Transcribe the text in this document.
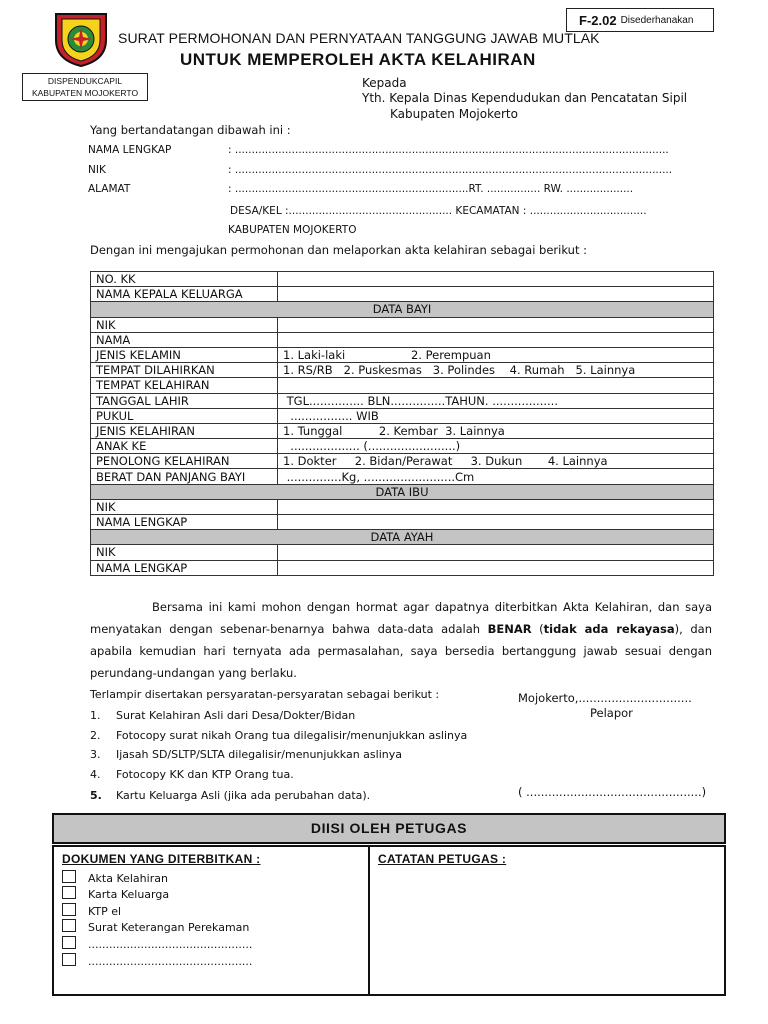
F-2.02 Disederhanakan
SURAT PERMOHONAN DAN PERNYATAAN TANGGUNG JAWAB MUTLAK
UNTUK MEMPEROLEH AKTA KELAHIRAN
DISPENDUKCAPIL
KABUPATEN MOJOKERTO
Kepada
Yth. Kepala Dinas Kependudukan dan Pencatatan Sipil
Kabupaten Mojokerto
Yang bertandatangan dibawah ini :
NAMA LENGKAP	: ..................................................................................................................................
NIK	: ...................................................................................................................................
ALAMAT	: ......................................................................RT. ................ RW. ....................
DESA/KEL :................................................. KECAMATAN : ...................................
KABUPATEN MOJOKERTO
Dengan ini mengajukan permohonan dan melaporkan akta kelahiran sebagai berikut :
NO. KK	
NAMA KEPALA KELUARGA	
DATA BAYI	
NIK	
NAMA	
JENIS KELAMIN	1. Laki-laki                  2. Perempuan
TEMPAT DILAHIRKAN	1. RS/RB   2. Puskesmas   3. Polindes    4. Rumah   5. Lainnya
TEMPAT KELAHIRAN	
TANGGAL LAHIR	TGL............... BLN...............TAHUN. ..................
PUKUL	................. WIB
JENIS KELAHIRAN	1. Tunggal          2. Kembar  3. Lainnya
ANAK KE	................... (........................)
PENOLONG KELAHIRAN	1. Dokter     2. Bidan/Perawat     3. Dukun       4. Lainnya
BERAT DAN PANJANG BAYI	...............Kg, .........................Cm
DATA IBU	
NIK	
NAMA LENGKAP	
DATA AYAH	
NIK	
NAMA LENGKAP	
Bersama ini kami mohon dengan hormat agar dapatnya diterbitkan Akta Kelahiran, dan saya menyatakan dengan sebenar-benarnya bahwa data-data adalah BENAR (tidak ada rekayasa), dan apabila kemudian hari ternyata ada permasalahan, saya bersedia bertanggung jawab sesuai dengan perundang-undangan yang berlaku.
Terlampir disertakan persyaratan-persyaratan sebagai berikut :
1. Surat Kelahiran Asli dari Desa/Dokter/Bidan
2. Fotocopy surat nikah Orang tua dilegalisir/menunjukkan aslinya
3. Ijasah SD/SLTP/SLTA dilegalisir/menunjukkan aslinya
4. Fotocopy KK dan KTP Orang tua.
5. Kartu Keluarga Asli (jika ada perubahan data).
Mojokerto,...............................
Pelapor
( ................................................)
DIISI OLEH PETUGAS
DOKUMEN YANG DITERBITKAN :	CATATAN PETUGAS :
Akta Kelahiran
Karta Keluarga
KTP el
Surat Keterangan Perekaman
...............................................
...............................................
